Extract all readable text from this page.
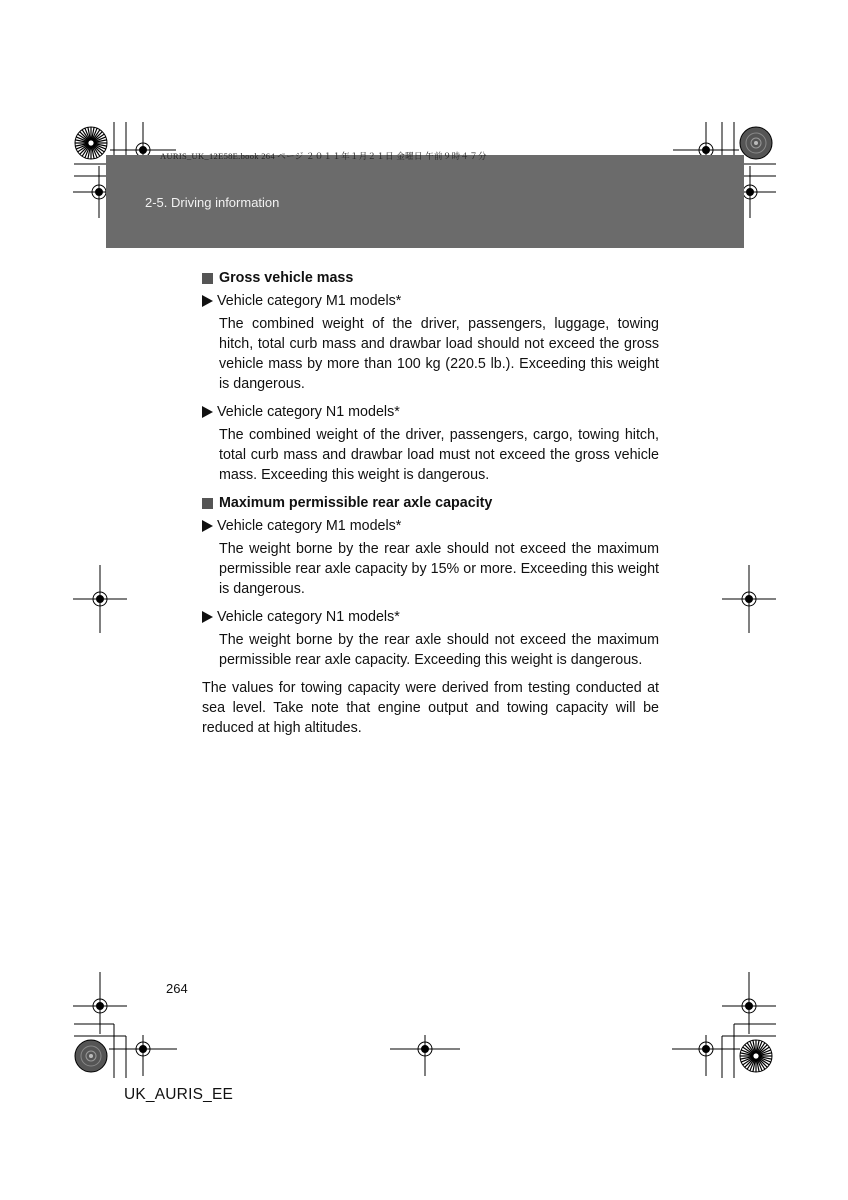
AURIS_UK_12E58E.book 264 ページ ２０１１年１月２１日 金曜日 午前９時４７分
2-5. Driving information
Gross vehicle mass
Vehicle category M1 models*

The combined weight of the driver, passengers, luggage, towing hitch, total curb mass and drawbar load should not exceed the gross vehicle mass by more than 100 kg (220.5 lb.). Exceeding this weight is dangerous.

Vehicle category N1 models*

The combined weight of the driver, passengers, cargo, towing hitch, total curb mass and drawbar load must not exceed the gross vehicle mass. Exceeding this weight is dangerous.

Maximum permissible rear axle capacity
Vehicle category M1 models*

The weight borne by the rear axle should not exceed the maximum permissible rear axle capacity by 15% or more. Exceeding this weight is dangerous.

Vehicle category N1 models*

The weight borne by the rear axle should not exceed the maximum permissible rear axle capacity. Exceeding this weight is dangerous.

The values for towing capacity were derived from testing conducted at sea level. Take note that engine output and towing capacity will be reduced at high altitudes.

264
UK_AURIS_EE
